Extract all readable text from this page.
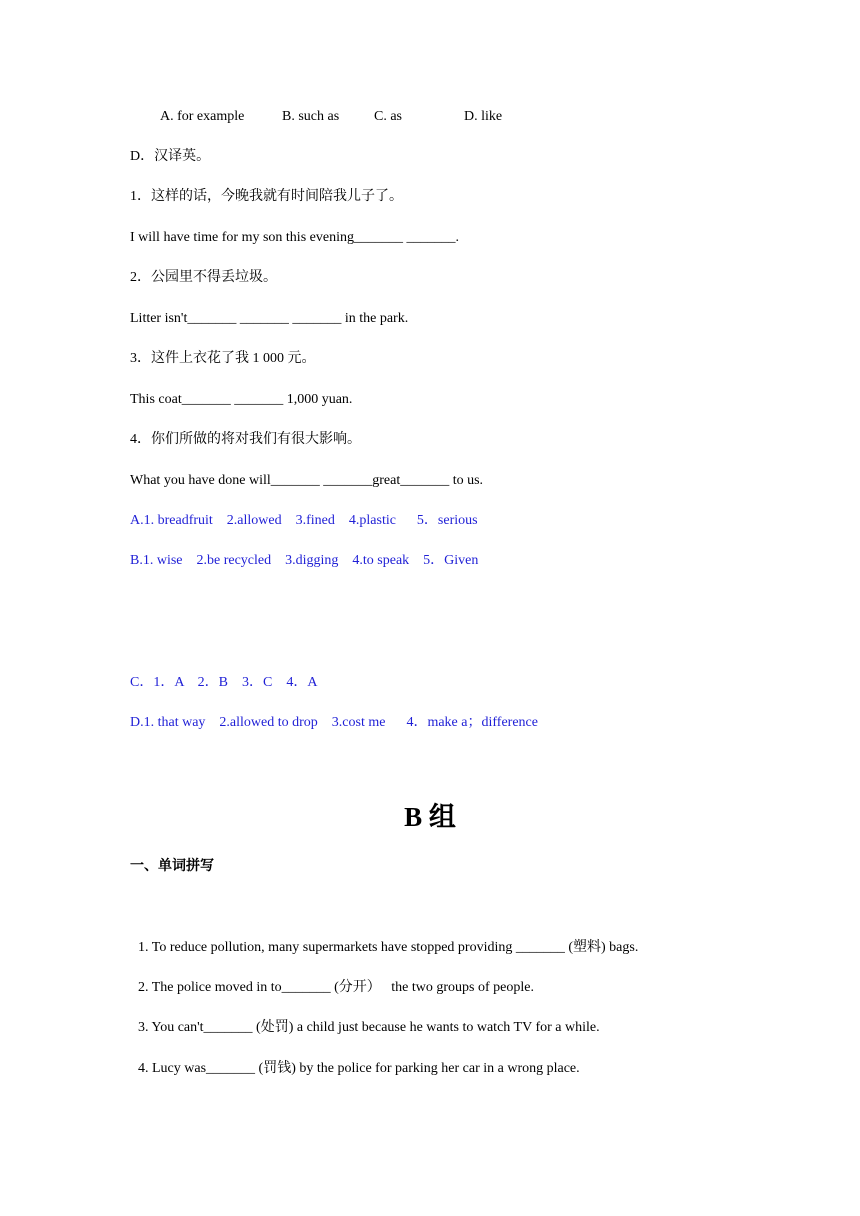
A. for example

	B. such as

C. as

	D. like

D．汉译英。
1．这样的话，今晚我就有时间陪我儿子了。
I will have time for my son this evening_______ _______.
2．公园里不得丢垃圾。
Litter isn't_______ _______ _______ in the park.
3．这件上衣花了我 1 000 元。
This coat_______ _______ 1,000 yuan.
4．你们所做的将对我们有很大影响。
What you have done will_______ _______great_______ to us.
A.1. breadfruit    2.allowed    3.fined    4.plastic      5．serious
B.1. wise    2.be recycled    3.digging    4.to speak    5．Given
C．1．A    2．B    3．C    4．A
D.1. that way    2.allowed to drop    3.cost me      4．make a；difference
B 组
一、单词拼写
1. To reduce pollution, many supermarkets have stopped providing _______ (塑料) bags.
2. The police moved in to_______ (分开）   the two groups of people.
3. You can't_______ (处罚) a child just because he wants to watch TV for a while.
4. Lucy was_______ (罚钱) by the police for parking her car in a wrong place.
